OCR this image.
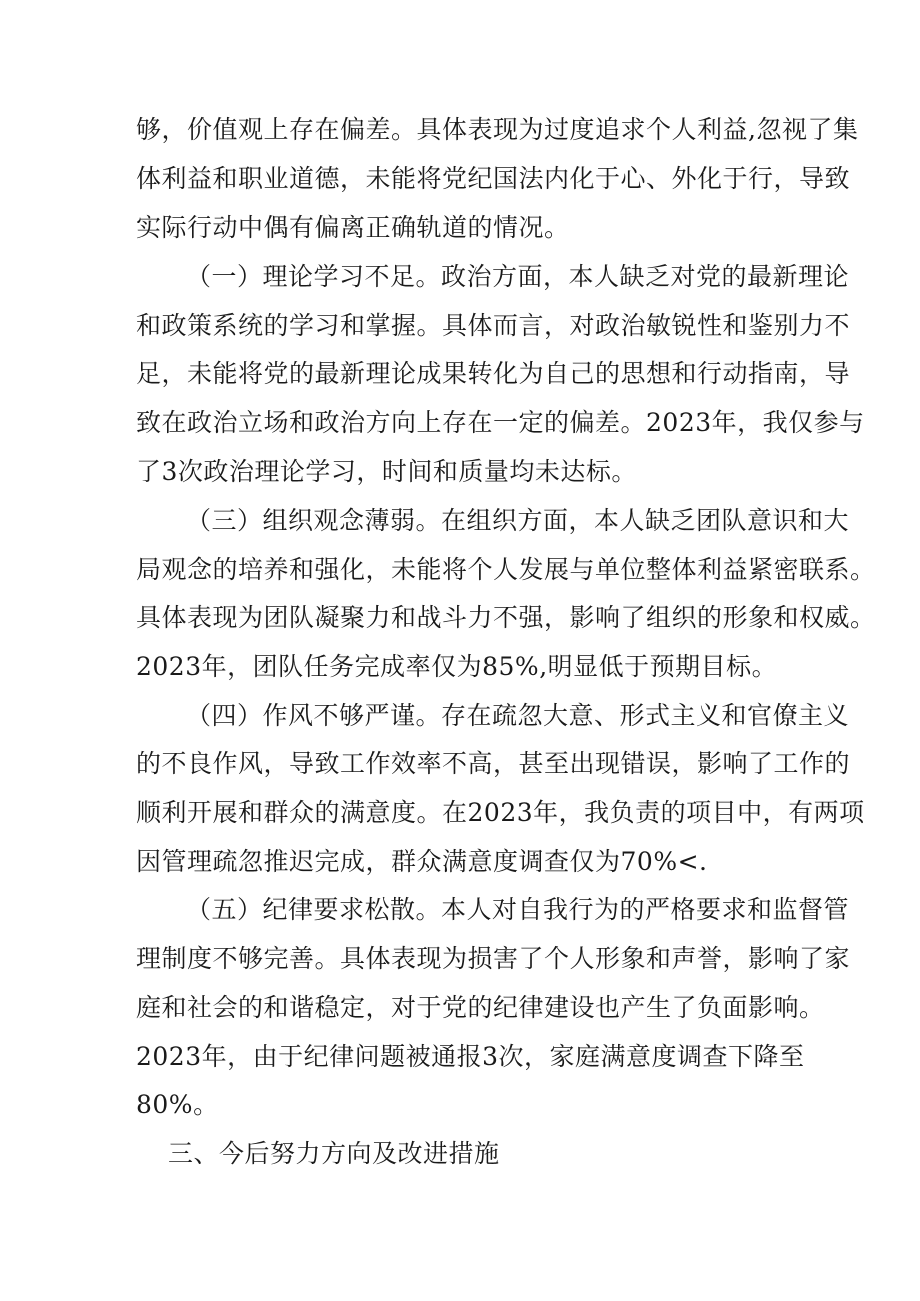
够，价值观上存在偏差。具体表现为过度追求个人利益,忽视了集
体利益和职业道德，未能将党纪国法内化于心、外化于行，导致
实际行动中偶有偏离正确轨道的情况。
（一）理论学习不足。政治方面，本人缺乏对党的最新理论
和政策系统的学习和掌握。具体而言，对政治敏锐性和鉴别力不
足，未能将党的最新理论成果转化为自己的思想和行动指南，导
致在政治立场和政治方向上存在一定的偏差。2023年，我仅参与
了3次政治理论学习，时间和质量均未达标。
（三）组织观念薄弱。在组织方面，本人缺乏团队意识和大
局观念的培养和强化，未能将个人发展与单位整体利益紧密联系。
具体表现为团队凝聚力和战斗力不强，影响了组织的形象和权威。
2023年，团队任务完成率仅为85%,明显低于预期目标。
（四）作风不够严谨。存在疏忽大意、形式主义和官僚主义
的不良作风，导致工作效率不高，甚至出现错误，影响了工作的
顺利开展和群众的满意度。在2023年，我负责的项目中，有两项
因管理疏忽推迟完成，群众满意度调查仅为70%<.
（五）纪律要求松散。本人对自我行为的严格要求和监督管
理制度不够完善。具体表现为损害了个人形象和声誉，影响了家
庭和社会的和谐稳定，对于党的纪律建设也产生了负面影响。
2023年，由于纪律问题被通报3次，家庭满意度调查下降至
80%。
三、今后努力方向及改进措施
